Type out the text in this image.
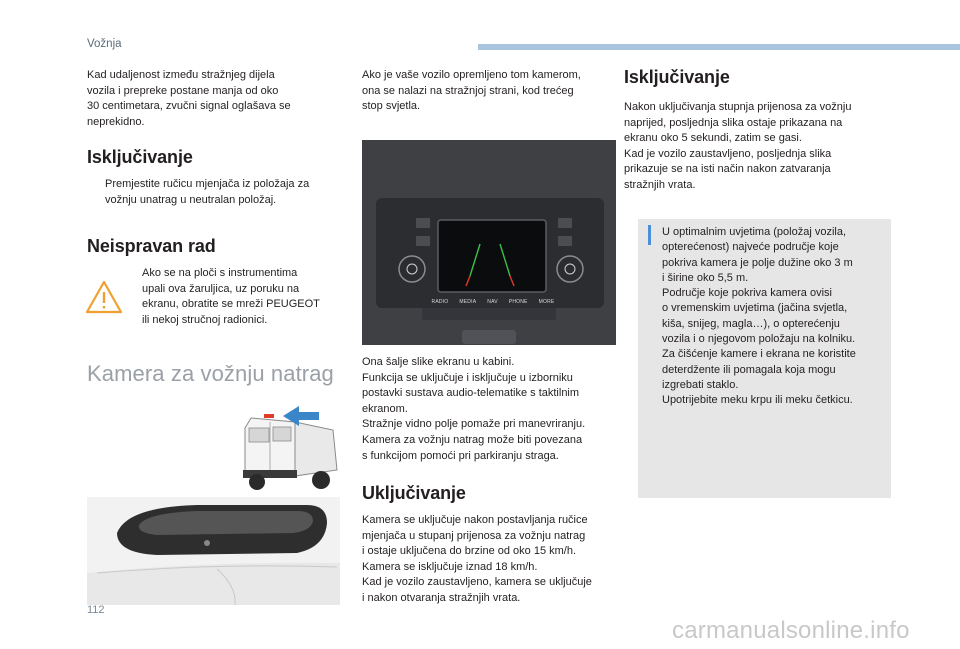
Vožnja

Kad udaljenost između stražnjeg dijela
vozila i prepreke postane manja od oko
30 centimetara, zvučni signal oglašava se
neprekidno.

Isključivanje

Premjestite ručicu mjenjača iz položaja za
vožnju unatrag u neutralan položaj.

Neispravan rad

Ako se na ploči s instrumentima
upali ova žaruljica, uz poruku na
ekranu, obratite se mreži PEUGEOT
ili nekoj stručnoj radionici.

Kamera za vožnju natrag

Ako je vaše vozilo opremljeno tom kamerom,
ona se nalazi na stražnjoj strani, kod trećeg
stop svjetla.

RADIO MEDIA NAV PHONE MORE

Ona šalje slike ekranu u kabini.
Funkcija se uključuje i isključuje u izborniku
postavki sustava audio-telematike s taktilnim
ekranom.
Stražnje vidno polje pomaže pri manevriranju.
Kamera za vožnju natrag može biti povezana
s funkcijom pomoći pri parkiranju straga.

Uključivanje

Kamera se uključuje nakon postavljanja ručice
mjenjača u stupanj prijenosa za vožnju natrag
i ostaje uključena do brzine od oko 15 km/h.
Kamera se isključuje iznad 18 km/h.
Kad je vozilo zaustavljeno, kamera se uključuje
i nakon otvaranja stražnjih vrata.

Isključivanje

Nakon uključivanja stupnja prijenosa za vožnju
naprijed, posljednja slika ostaje prikazana na
ekranu oko 5 sekundi, zatim se gasi.
Kad je vozilo zaustavljeno, posljednja slika
prikazuje se na isti način nakon zatvaranja
stražnjih vrata.

U optimalnim uvjetima (položaj vozila,
opterećenost) najveće područje koje
pokriva kamera je polje dužine oko 3 m
i širine oko 5,5 m.
Područje koje pokriva kamera ovisi
o vremenskim uvjetima (jačina svjetla,
kiša, snijeg, magla…), o opterećenju
vozila i o njegovom položaju na kolniku.
Za čišćenje kamere i ekrana ne koristite
deterdžente ili pomagala koja mogu
izgrebati staklo.
Upotrijebite meku krpu ili meku četkicu.

112
carmanualsonline.info
